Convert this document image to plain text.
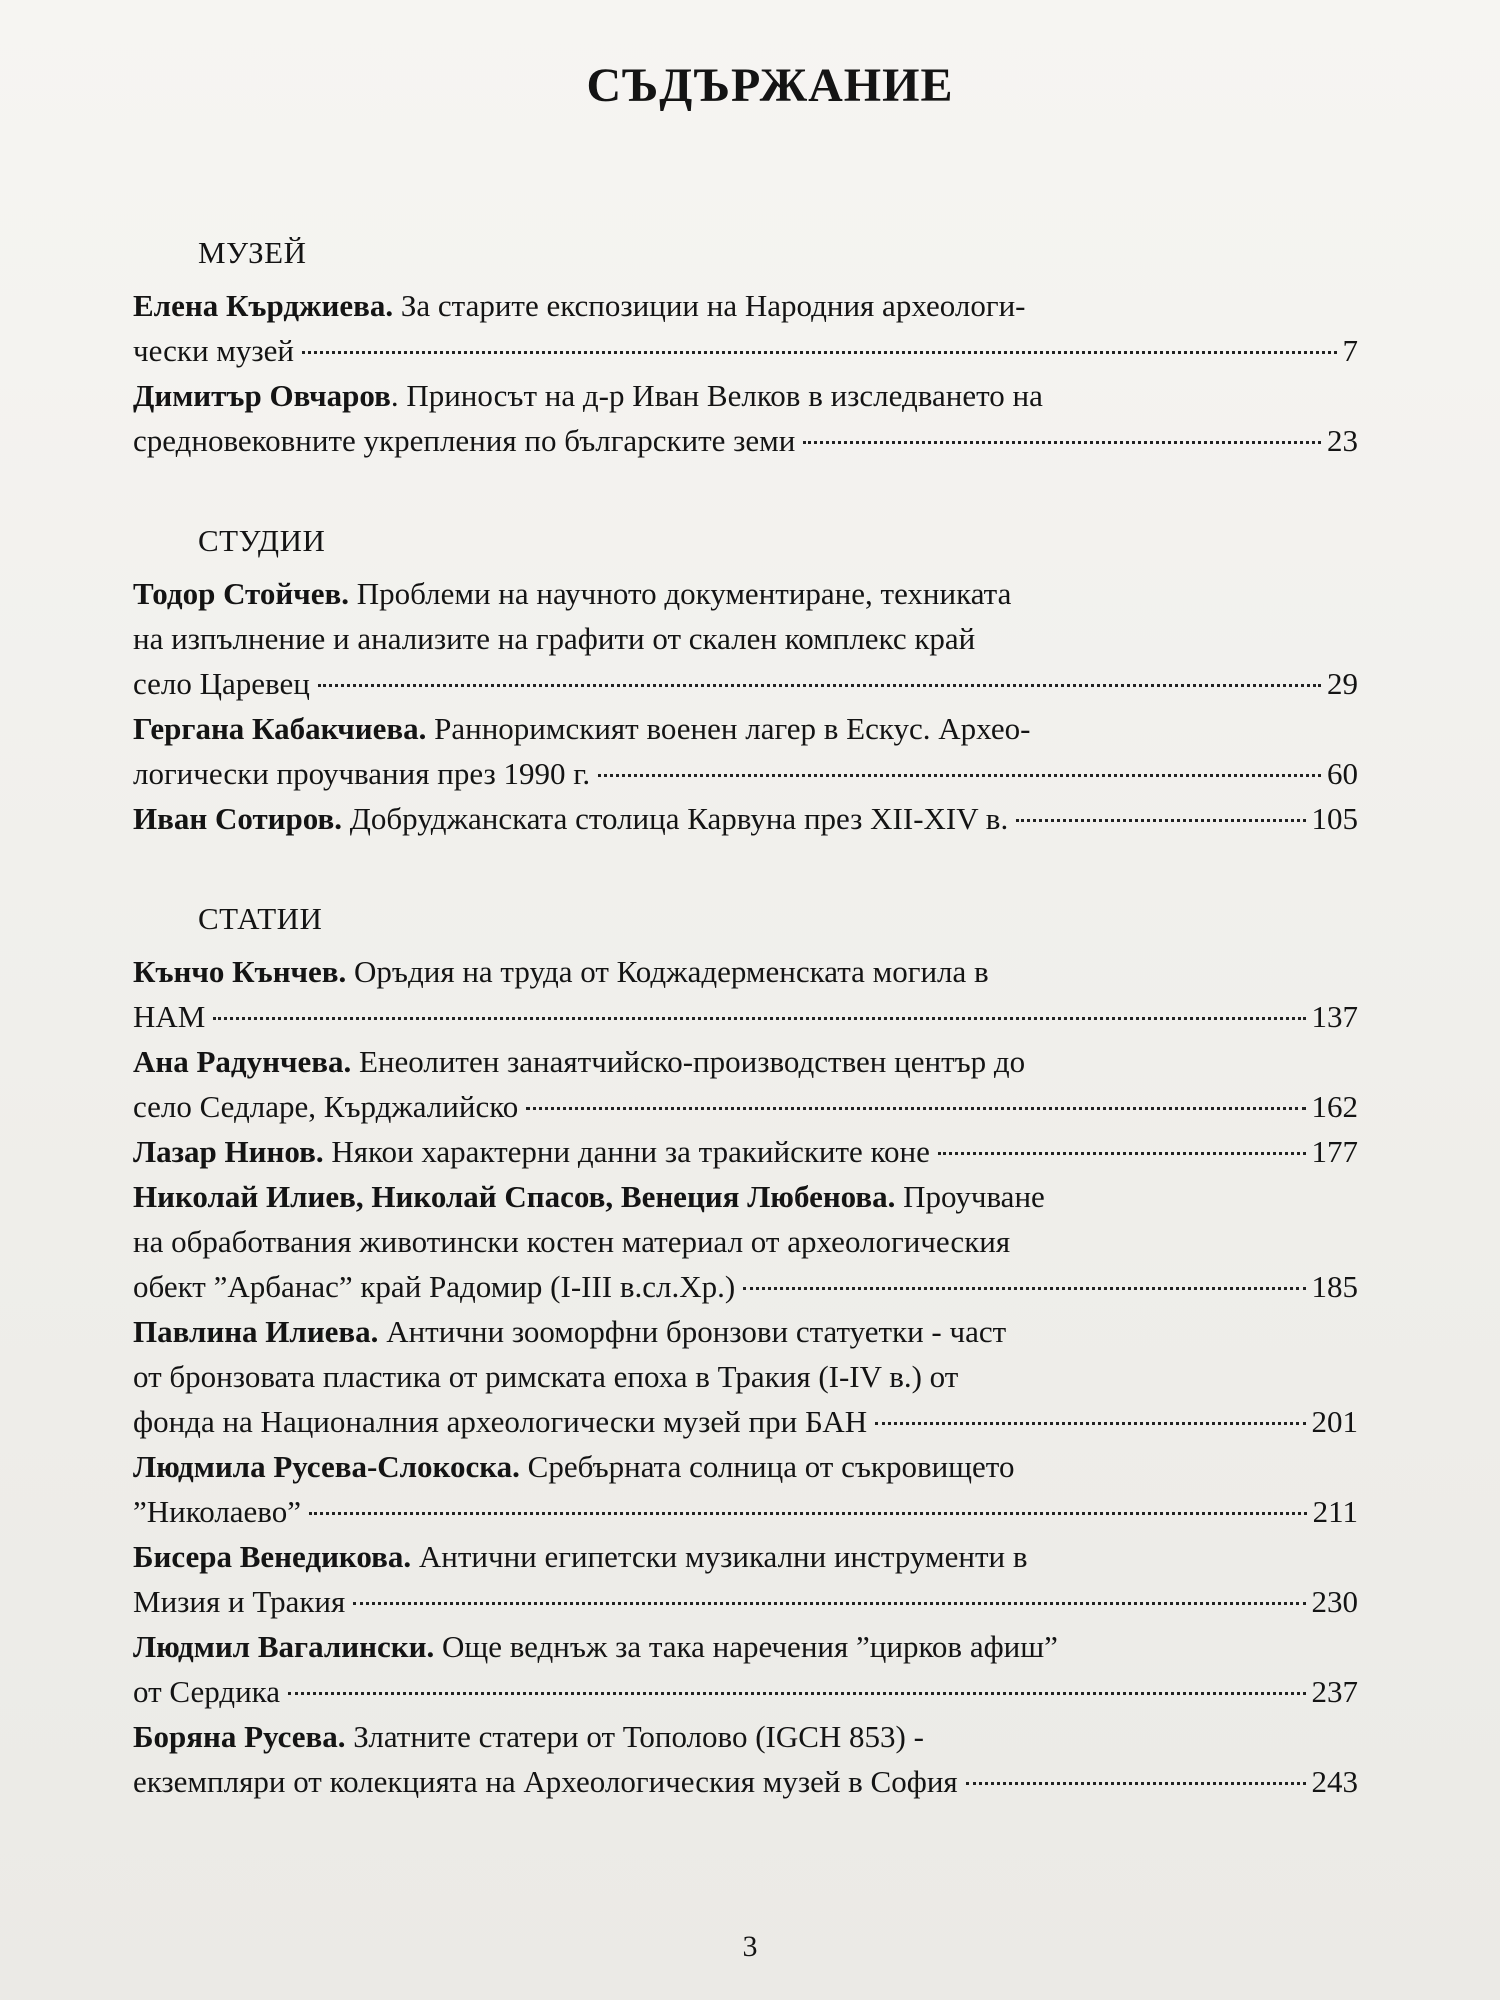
СЪДЪРЖАНИЕ
МУЗЕЙ
Елена Кърджиева. За старите експозиции на Народния археологи-
чески музей	7
Димитър Овчаров. Приносът на д-р Иван Велков в изследването на
средновековните укрепления по българските земи	23
СТУДИИ
Тодор Стойчев. Проблеми на научното документиране, техниката
на изпълнение и анализите на графити от скален комплекс край
село Царевец	29
Гергана Кабакчиева. Раннoримският военен лагер в Ескус. Архео-
логически проучвания през 1990 г.	60
Иван Сотиров. Добруджанската столица Карвуна през XII-XIV в.	105
СТАТИИ
Кънчо Кънчев. Оръдия на труда от Коджадерменската могила в
НАМ	137
Ана Радунчева. Енеолитен занаятчийско-производствен център до
село Седларе, Кърджалийско	162
Лазар Нинов. Някои характерни данни за тракийските коне	177
Николай Илиев, Николай Спасов, Венеция Любенова. Проучване
на обработвания животински костен материал от археологическия
обект ”Арбанас” край Радомир (I-III в.сл.Хр.)	185
Павлина Илиева. Антични зооморфни бронзови статуетки - част
от бронзовата пластика от римската епоха в Тракия (I-IV в.) от
фонда на Националния археологически музей при БАН	201
Людмила Русева-Слокоска. Сребърната солница от съкровището
”Николаево”	211
Бисера Венедикова. Антични египетски музикални инструменти в
Мизия и Тракия	230
Людмил Вагалински. Още веднъж за така наречения ”цирков афиш”
от Сердика	237
Боряна Русева. Златните статери от Тополово (IGCH 853) -
екземпляри от колекцията на Археологическия музей в София	243
3
